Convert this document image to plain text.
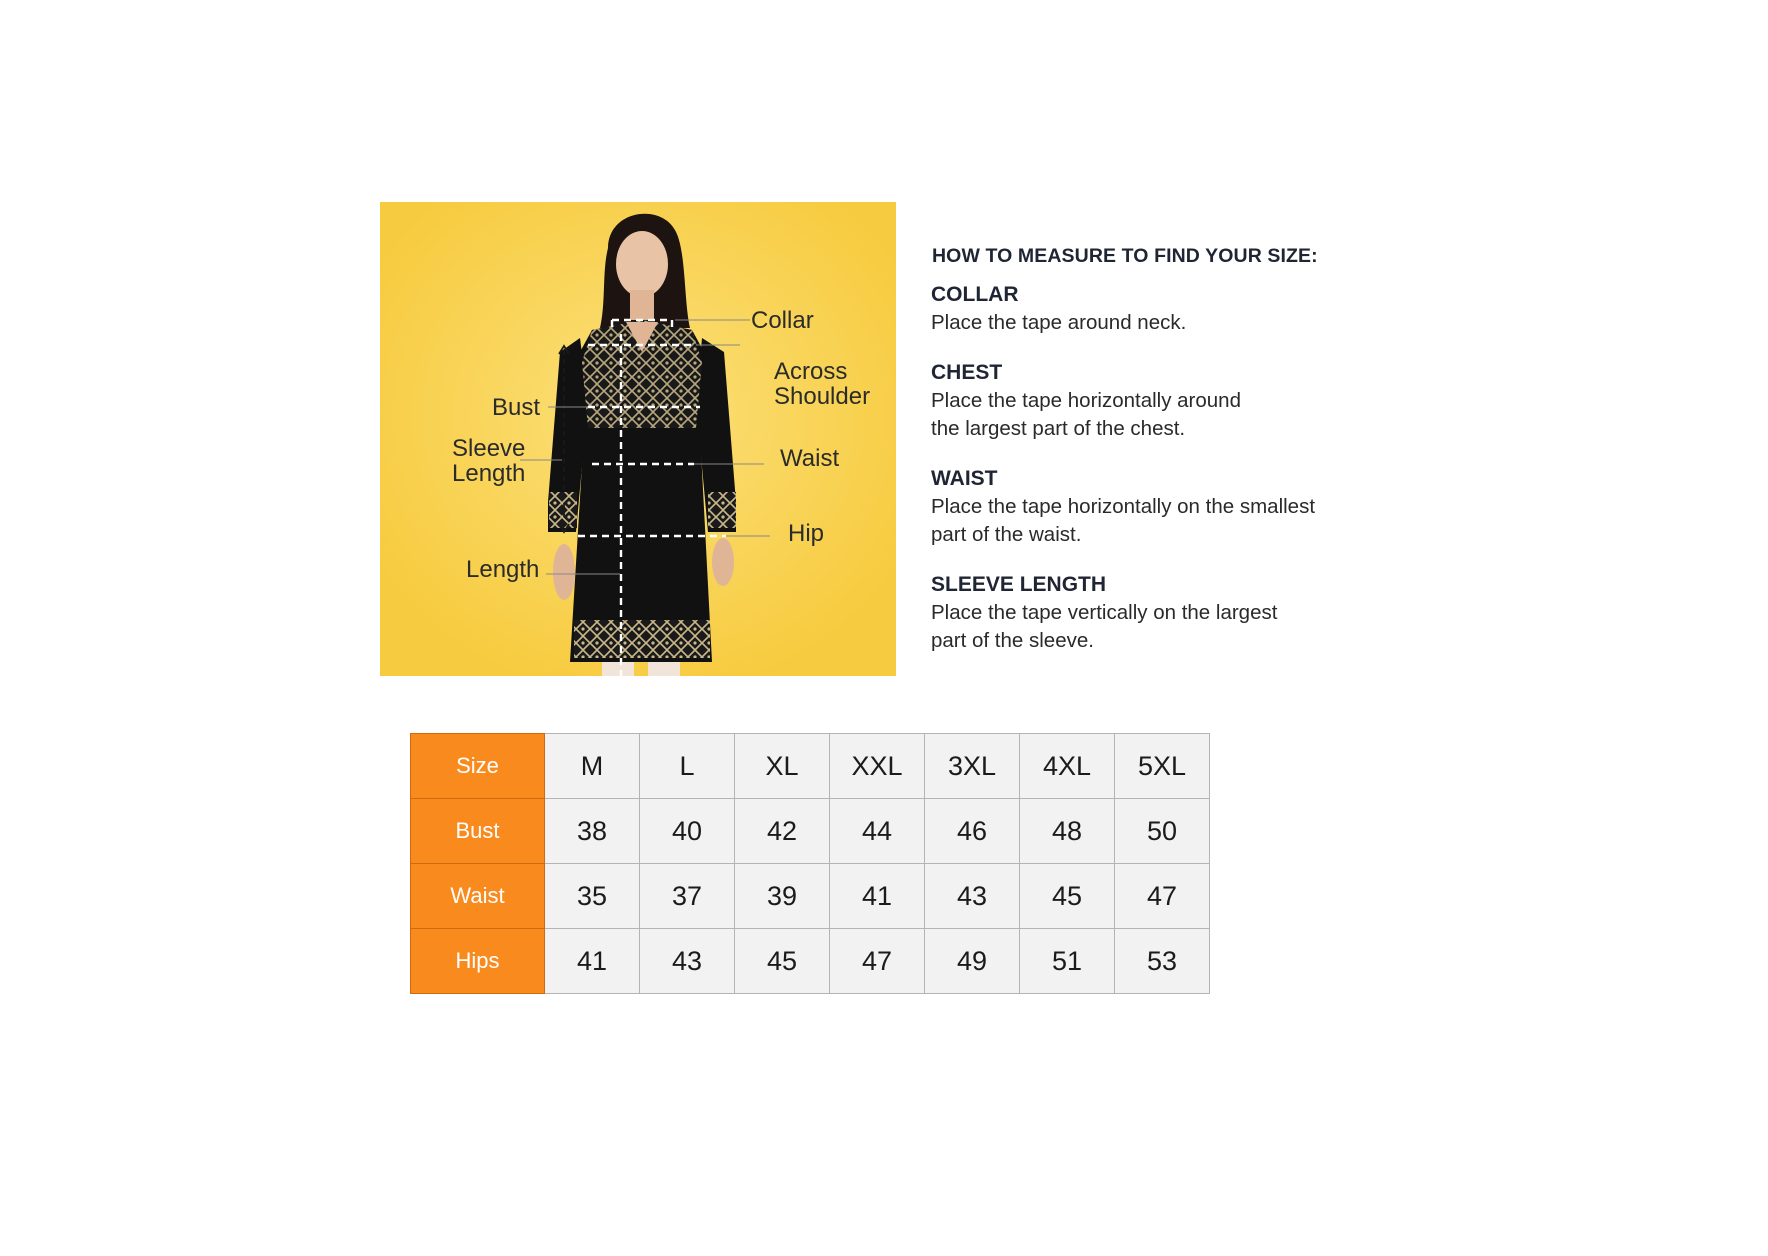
Collar
Across
Shoulder
Bust
Sleeve
Length
Waist
Hip
Length
HOW TO MEASURE TO FIND YOUR SIZE:
COLLAR
Place the tape around neck.
CHEST
Place the tape horizontally around
the largest part of the chest.
WAIST
Place the tape horizontally on the smallest
part of the waist.
SLEEVE LENGTH
Place the tape vertically on the largest
part of the sleeve.
Size	M	L	XL	XXL	3XL	4XL	5XL
Bust	38	40	42	44	46	48	50
Waist	35	37	39	41	43	45	47
Hips	41	43	45	47	49	51	53
